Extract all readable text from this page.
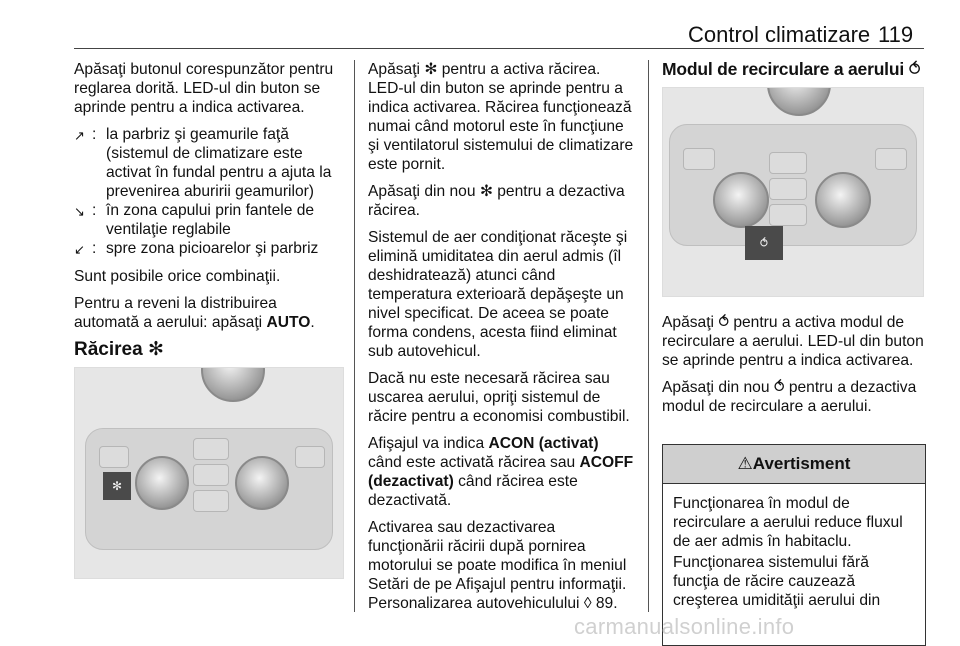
Control climatizare 119

Apăsaţi butonul corespunzător pentru reglarea dorită. LED-ul din buton se aprinde pentru a indica activarea.

↗ : la parbriz şi geamurile faţă (sistemul de climatizare este activat în fundal pentru a ajuta la prevenirea aburirii geamurilor)
↘ : în zona capului prin fantele de ventilaţie reglabile
↙ : spre zona picioarelor şi parbriz

Sunt posibile orice combinaţii.

Pentru a reveni la distribuirea automată a aerului: apăsaţi AUTO.

Răcirea ✻
✻

Apăsaţi ✻ pentru a activa răcirea. LED-ul din buton se aprinde pentru a indica activarea. Răcirea funcţionează numai când motorul este în funcţiune şi ventilatorul sistemului de climatizare este pornit.

Apăsaţi din nou ✻ pentru a dezactiva răcirea.

Sistemul de aer condiţionat răceşte şi elimină umiditatea din aerul admis (îl deshidratează) atunci când temperatura exterioară depăşeşte un nivel specificat. De aceea se poate forma condens, acesta fiind eliminat sub autovehicul.

Dacă nu este necesară răcirea sau uscarea aerului, opriţi sistemul de răcire pentru a economisi combustibil.

Afişajul va indica ACON (activat) când este activată răcirea sau ACOFF (dezactivat) când răcirea este dezactivată.

Activarea sau dezactivarea funcţionării răcirii după pornirea motorului se poate modifica în meniul Setări de pe Afişajul pentru informaţii. Personalizarea autovehiculului ◊ 89.

Modul de recirculare a aerului ⥀
⥀

Apăsaţi ⥀ pentru a activa modul de recirculare a aerului. LED-ul din buton se aprinde pentru a indica activarea.

Apăsaţi din nou ⥀ pentru a dezactiva modul de recirculare a aerului.

⚠ Avertisment

Funcţionarea în modul de recirculare a aerului reduce fluxul de aer admis în habitaclu.

Funcţionarea sistemului fără funcţia de răcire cauzează creşterea umidităţii aerului din

carmanualsonline.info
